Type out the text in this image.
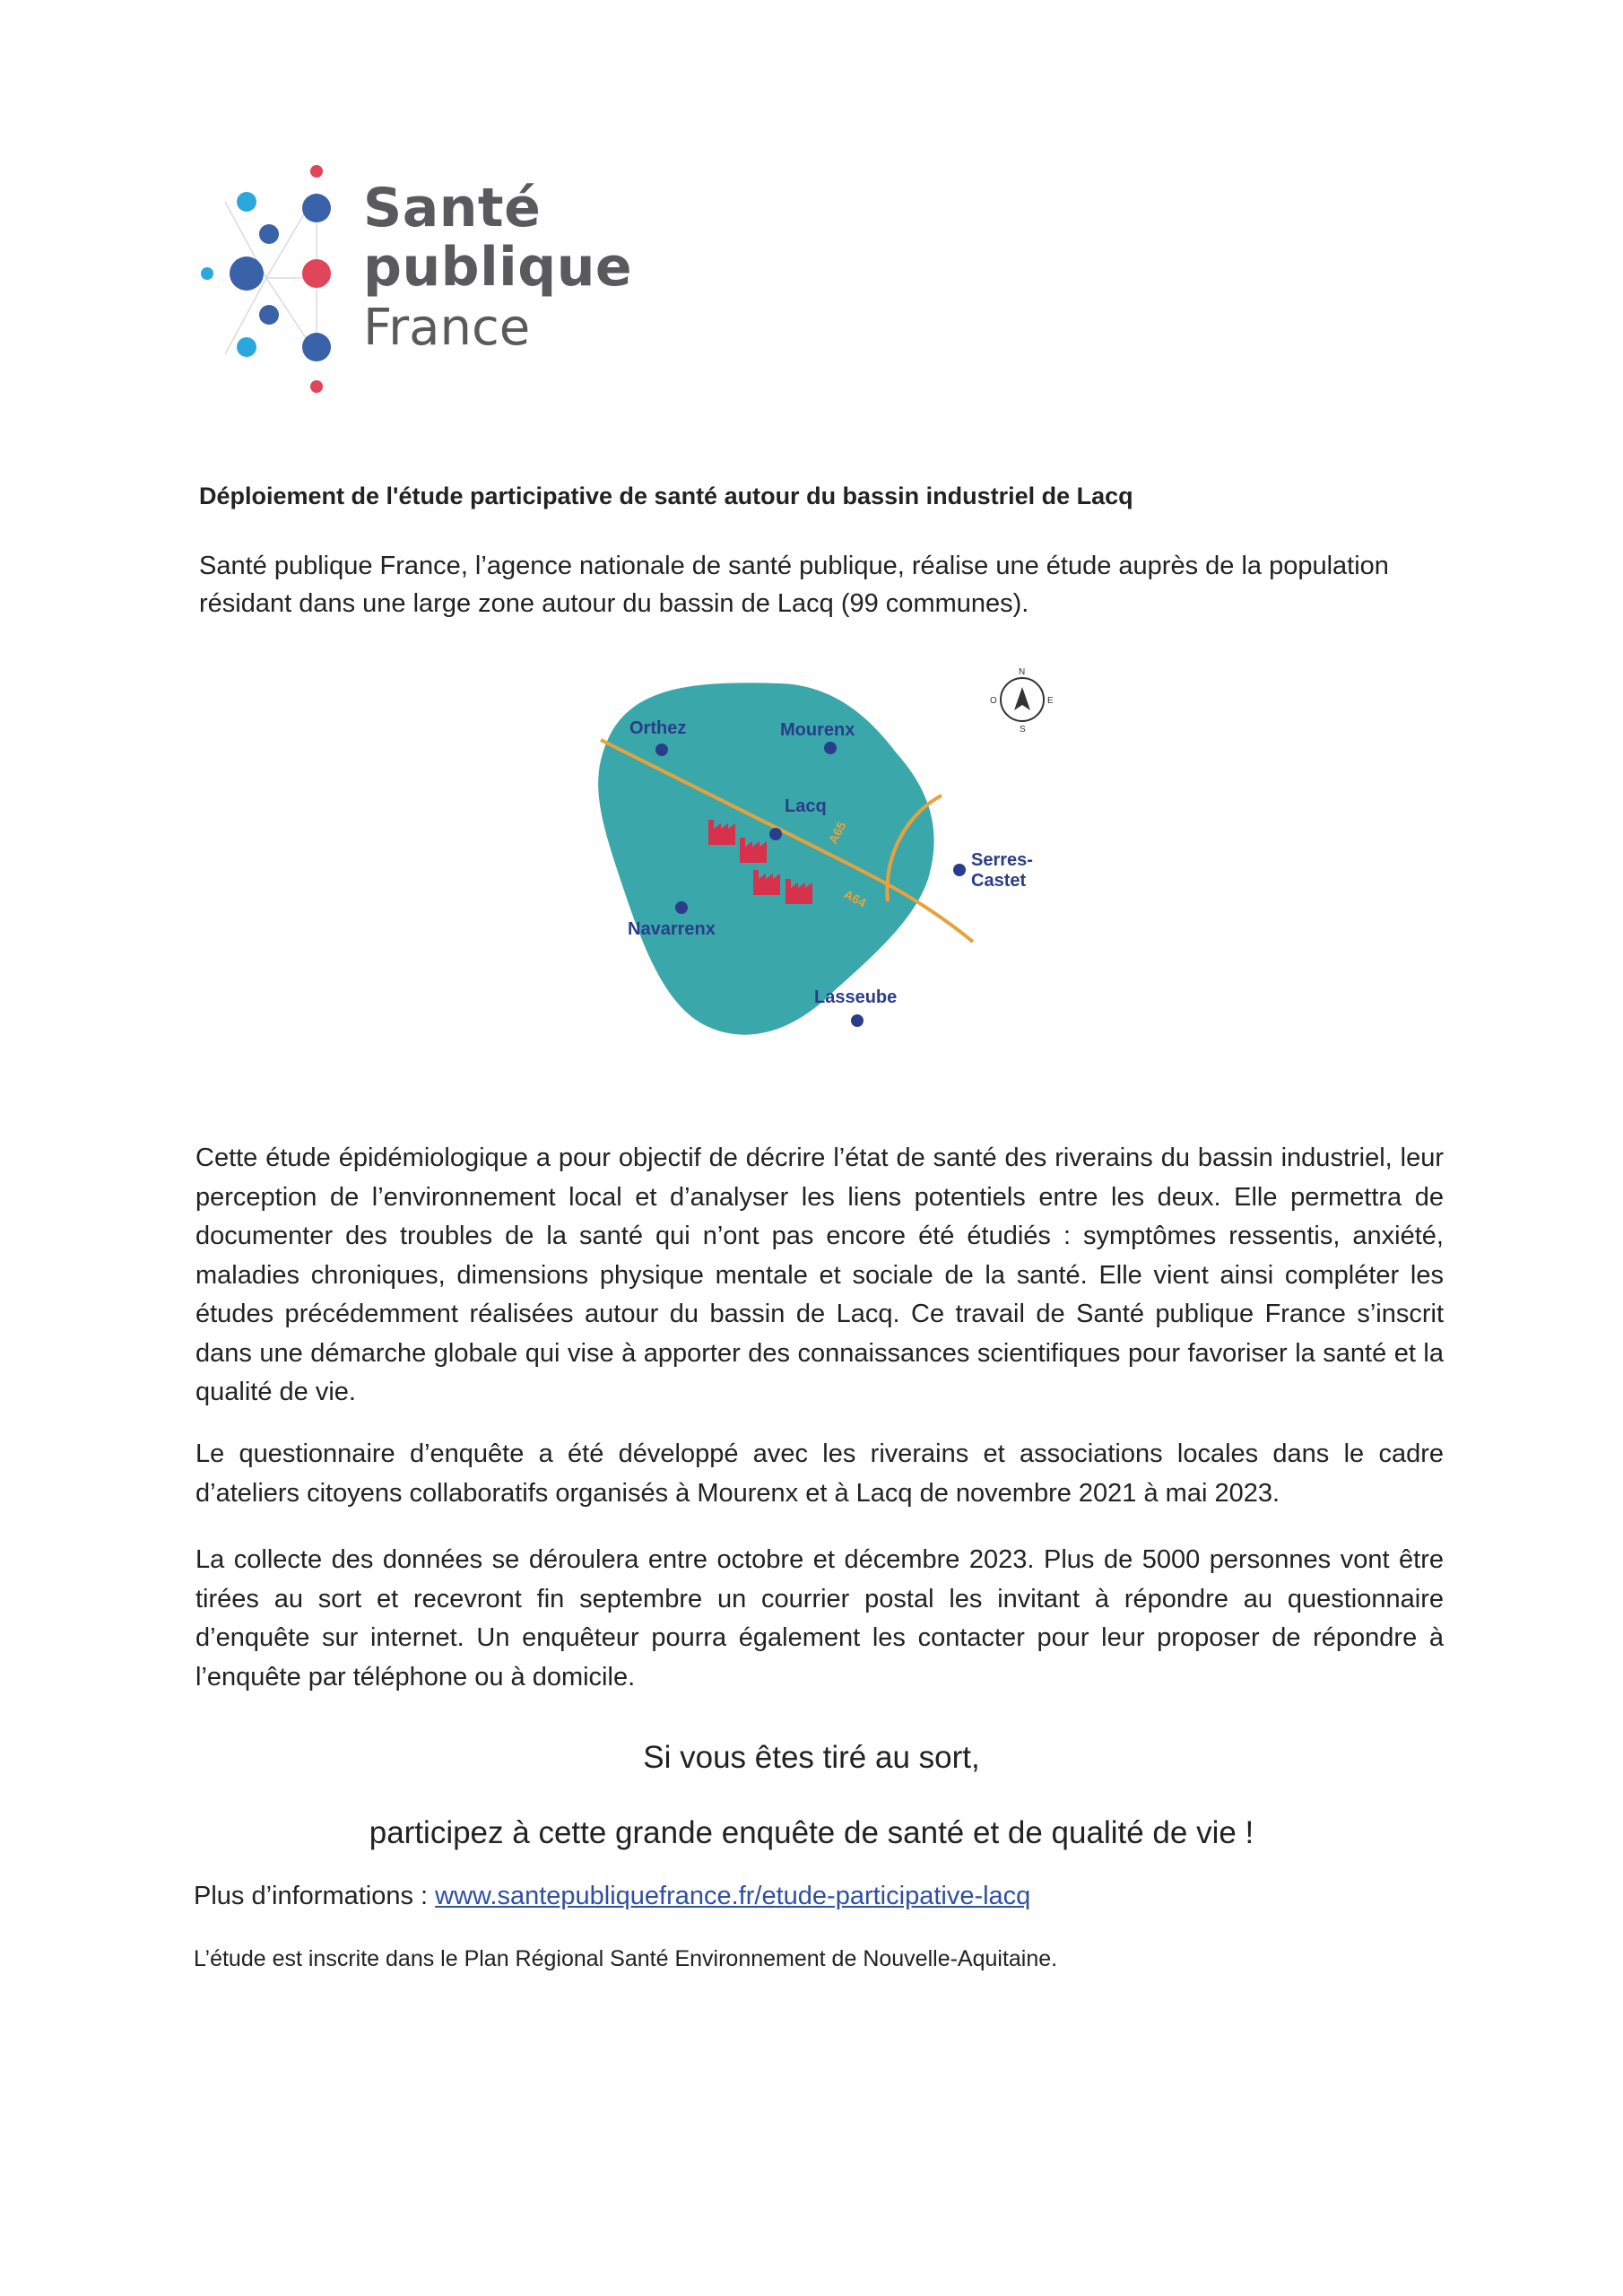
Santé
publique
France
Déploiement de l'étude participative de santé autour du bassin industriel de Lacq
Santé publique France, l’agence nationale de santé publique, réalise une étude auprès de la population résidant dans une large zone autour du bassin de Lacq (99 communes).
A65
A64
Orthez	Mourenx
Lacq
Serres-
Castet
Navarrenx
Lasseube
N
O	E
S
Cette étude épidémiologique a pour objectif de décrire l’état de santé des riverains du bassin industriel, leur perception de l’environnement local et d’analyser les liens potentiels entre les deux. Elle permettra de documenter des troubles de la santé qui n’ont pas encore été étudiés : symptômes ressentis, anxiété, maladies chroniques, dimensions physique mentale et sociale de la santé. Elle vient ainsi compléter les études précédemment réalisées autour du bassin de Lacq. Ce travail de Santé publique France s’inscrit dans une démarche globale qui vise à apporter des connaissances scientifiques pour favoriser la santé et la qualité de vie.
Le questionnaire d’enquête a été développé avec les riverains et associations locales dans le cadre d’ateliers citoyens collaboratifs organisés à Mourenx et à Lacq de novembre 2021 à mai 2023.
La collecte des données se déroulera entre octobre et décembre 2023. Plus de 5000 personnes vont être tirées au sort et recevront fin septembre un courrier postal les invitant à répondre au questionnaire d’enquête sur internet. Un enquêteur pourra également les contacter pour leur proposer de répondre à l’enquête par téléphone ou à domicile.
Si vous êtes tiré au sort,
participez à cette grande enquête de santé et de qualité de vie !
Plus d’informations : www.santepubliquefrance.fr/etude-participative-lacq
L’étude est inscrite dans le Plan Régional Santé Environnement de Nouvelle-Aquitaine.
